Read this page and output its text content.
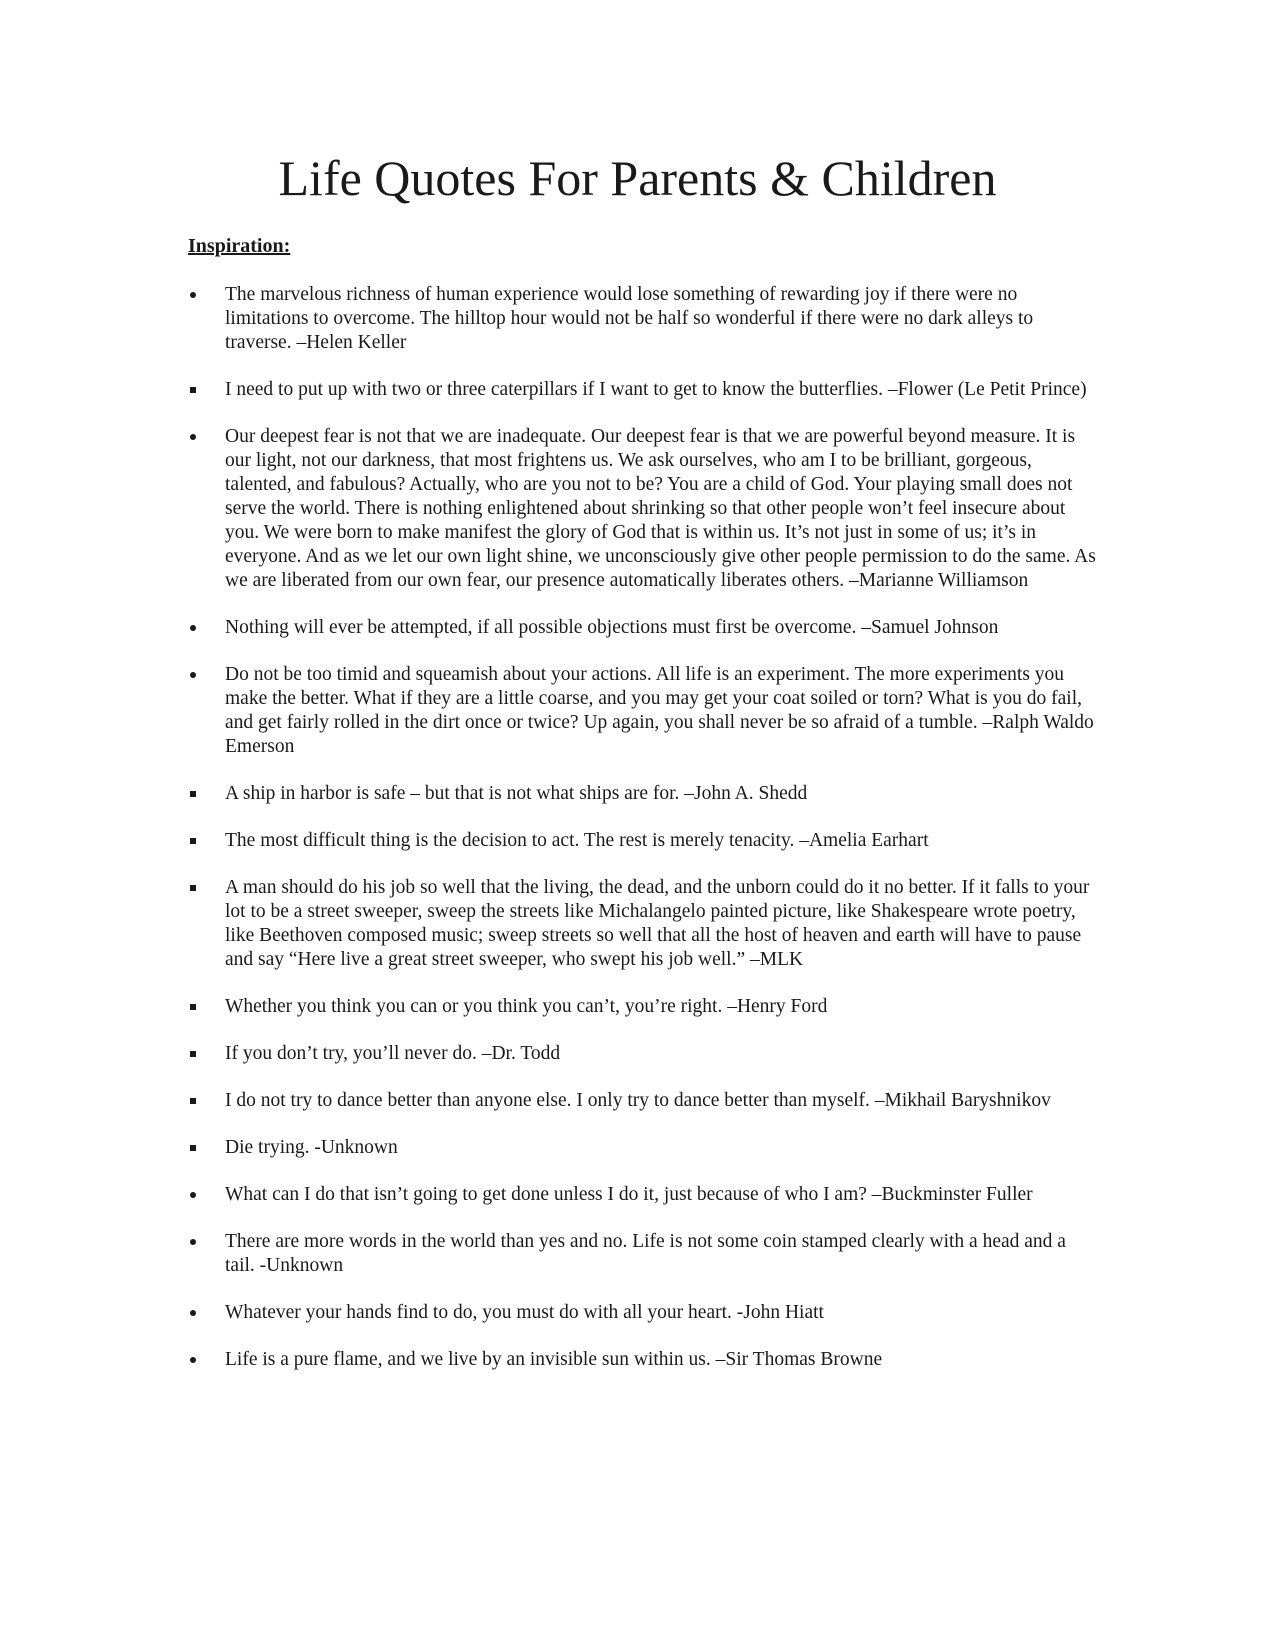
Life Quotes For Parents & Children
Inspiration:
The marvelous richness of human experience would lose something of rewarding joy if there were no limitations to overcome. The hilltop hour would not be half so wonderful if there were no dark alleys to traverse. –Helen Keller
I need to put up with two or three caterpillars if I want to get to know the butterflies. –Flower (Le Petit Prince)
Our deepest fear is not that we are inadequate. Our deepest fear is that we are powerful beyond measure. It is our light, not our darkness, that most frightens us. We ask ourselves, who am I to be brilliant, gorgeous, talented, and fabulous? Actually, who are you not to be? You are a child of God. Your playing small does not serve the world. There is nothing enlightened about shrinking so that other people won’t feel insecure about you. We were born to make manifest the glory of God that is within us. It’s not just in some of us; it’s in everyone. And as we let our own light shine, we unconsciously give other people permission to do the same. As we are liberated from our own fear, our presence automatically liberates others. –Marianne Williamson
Nothing will ever be attempted, if all possible objections must first be overcome. –Samuel Johnson
Do not be too timid and squeamish about your actions. All life is an experiment. The more experiments you make the better. What if they are a little coarse, and you may get your coat soiled or torn? What is you do fail, and get fairly rolled in the dirt once or twice? Up again, you shall never be so afraid of a tumble. –Ralph Waldo Emerson
A ship in harbor is safe – but that is not what ships are for. –John A. Shedd
The most difficult thing is the decision to act. The rest is merely tenacity. –Amelia Earhart
A man should do his job so well that the living, the dead, and the unborn could do it no better. If it falls to your lot to be a street sweeper, sweep the streets like Michalangelo painted picture, like Shakespeare wrote poetry, like Beethoven composed music; sweep streets so well that all the host of heaven and earth will have to pause and say “Here live a great street sweeper, who swept his job well.” –MLK
Whether you think you can or you think you can’t, you’re right. –Henry Ford
If you don’t try, you’ll never do. –Dr. Todd
I do not try to dance better than anyone else. I only try to dance better than myself. –Mikhail Baryshnikov
Die trying. -Unknown
What can I do that isn’t going to get done unless I do it, just because of who I am? –Buckminster Fuller
There are more words in the world than yes and no. Life is not some coin stamped clearly with a head and a tail. -Unknown
Whatever your hands find to do, you must do with all your heart. -John Hiatt
Life is a pure flame, and we live by an invisible sun within us. –Sir Thomas Browne
